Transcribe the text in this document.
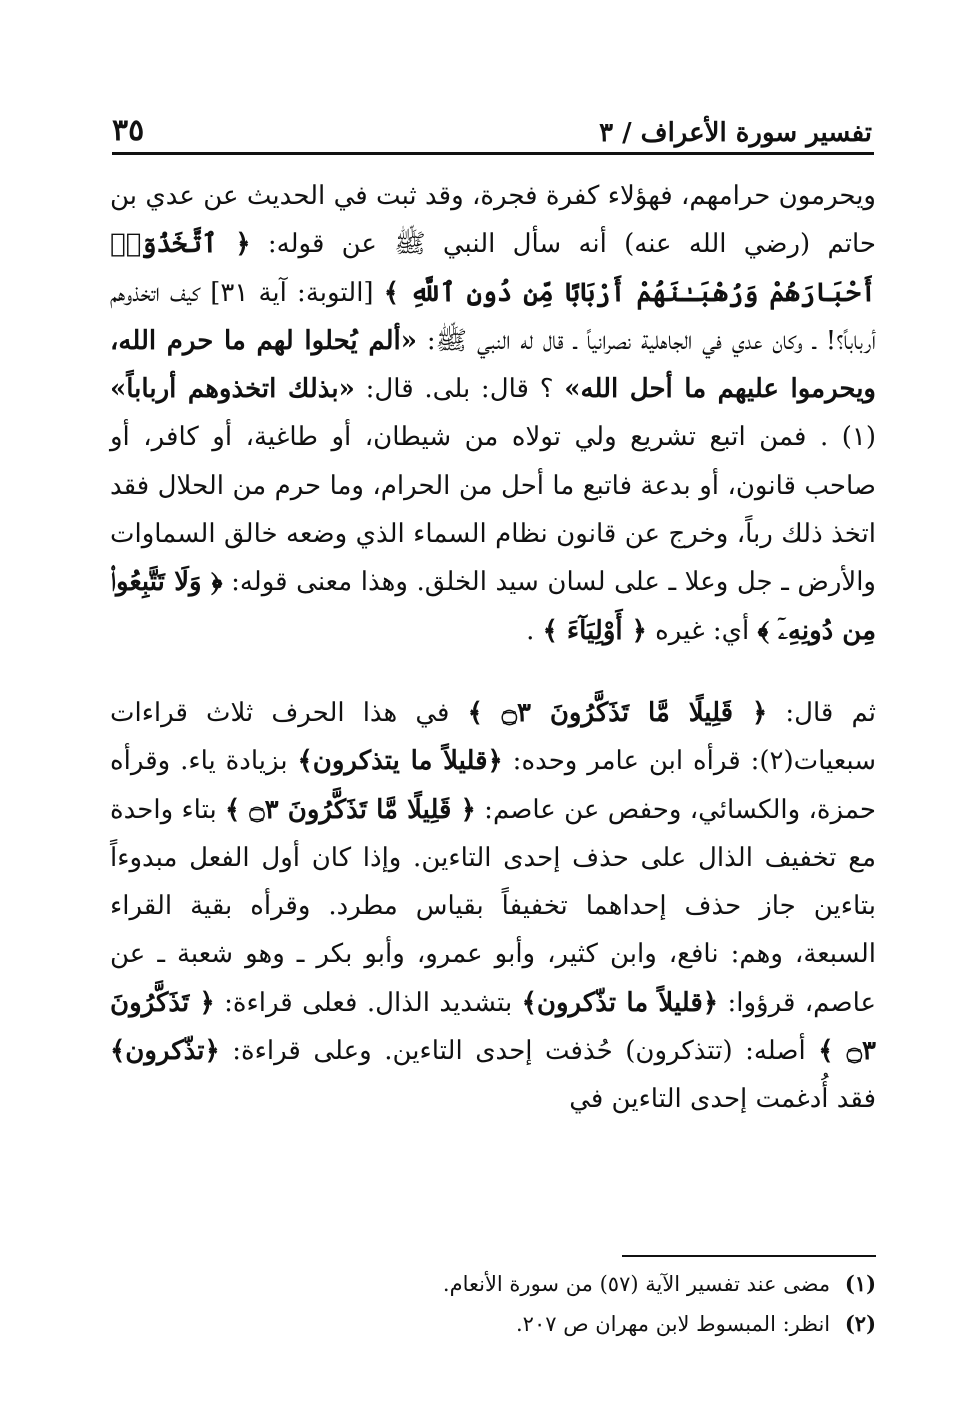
تفسير سورة الأعراف / ٣
٣٥

ويحرمون حرامهم، فهؤلاء كفرة فجرة، وقد ثبت في الحديث عن عدي بن حاتم (رضي الله عنه) أنه سأل النبي ﷺ عن قوله: ﴿ ٱتَّخَذُوٓا۟ أَحْبَارَهُمْ وَرُهْبَـٰنَهُمْ أَرْبَابًا مِّن دُونِ ٱللَّهِ ﴾ [التوبة: آية ٣١] كيف اتخذوهم أرباباً؟! ـ وكان عدي في الجاهلية نصرانياً ـ قال له النبي ﷺ: «ألم يُحلوا لهم ما حرم الله، ويحرموا عليهم ما أحل الله» ؟ قال: بلى. قال: «بذلك اتخذوهم أرباباً» (١) . فمن اتبع تشريع ولي تولاه من شيطان، أو طاغية، أو كافر، أو صاحب قانون، أو بدعة فاتبع ما أحل من الحرام، وما حرم من الحلال فقد اتخذ ذلك رباً، وخرج عن قانون نظام السماء الذي وضعه خالق السماوات والأرض ـ جل وعلا ـ على لسان سيد الخلق. وهذا معنى قوله: ﴿ وَلَا تَتَّبِعُوا۟ مِن دُونِهِۦٓ ﴾ أي: غيره ﴿ أَوْلِيَآءَ ﴾ .

ثم قال: ﴿ قَلِيلًا مَّا تَذَكَّرُونَ ۝٣ ﴾ في هذا الحرف ثلاث قراءات سبعيات(٢): قرأه ابن عامر وحده: ﴿قليلاً ما يتذكرون﴾ بزيادة ياء. وقرأه حمزة، والكسائي، وحفص عن عاصم: ﴿ قَلِيلًا مَّا تَذَكَّرُونَ ۝٣ ﴾ بتاء واحدة مع تخفيف الذال على حذف إحدى التاءين. وإذا كان أول الفعل مبدوءاً بتاءين جاز حذف إحداهما تخفيفاً بقياس مطرد. وقرأه بقية القراء السبعة، وهم: نافع، وابن كثير، وأبو عمرو، وأبو بكر ـ وهو شعبة ـ عن عاصم، قرؤوا: ﴿قليلاً ما تذّكرون﴾ بتشديد الذال. فعلى قراءة: ﴿ تَذَكَّرُونَ ۝٣ ﴾ أصله: (تتذكرون) حُذفت إحدى التاءين. وعلى قراءة: ﴿تذّكرون﴾ فقد أُدغمت إحدى التاءين في

(١) مضى عند تفسير الآية (٥٧) من سورة الأنعام.
(٢) انظر: المبسوط لابن مهران ص ٢٠٧.
